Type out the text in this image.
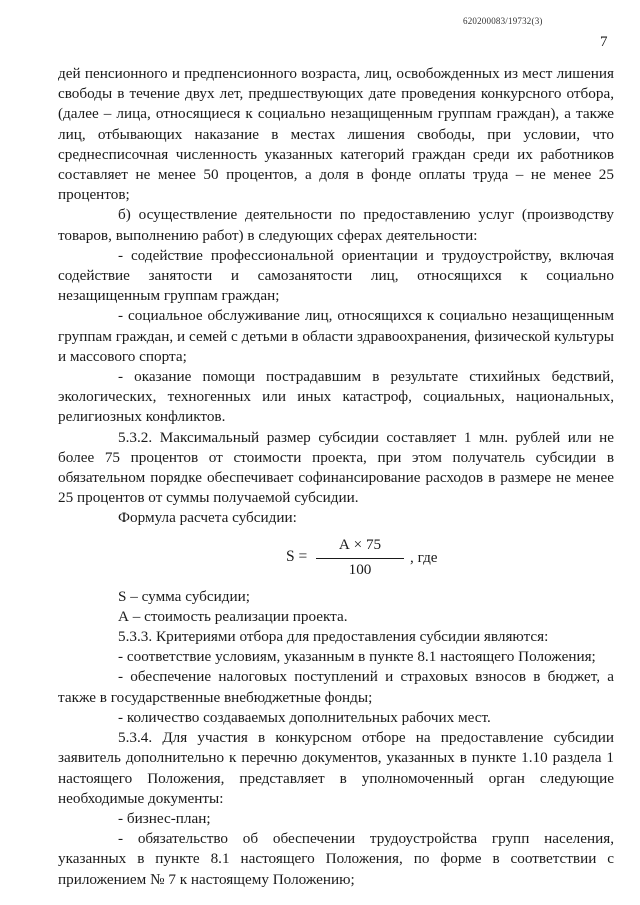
620200083/19732(3)
7

дей пенсионного и предпенсионного возраста, лиц, освобожденных из мест лишения свободы в течение двух лет, предшествующих дате проведения конкурсного отбора, (далее – лица, относящиеся к социально незащищенным группам граждан), а также лиц, отбывающих наказание в местах лишения свободы, при условии, что среднесписочная численность указанных категорий граждан среди их работников составляет не менее 50 процентов, а доля в фонде оплаты труда – не менее 25 процентов;

б) осуществление деятельности по предоставлению услуг (производству товаров, выполнению работ) в следующих сферах деятельности:

- содействие профессиональной ориентации и трудоустройству, включая содействие занятости и самозанятости лиц, относящихся к социально незащищенным группам граждан;

- социальное обслуживание лиц, относящихся к социально незащищенным группам граждан, и семей с детьми в области здравоохранения, физической культуры и массового спорта;

- оказание помощи пострадавшим в результате стихийных бедствий, экологических, техногенных или иных катастроф, социальных, национальных, религиозных конфликтов.

5.3.2. Максимальный размер субсидии составляет 1 млн. рублей или не более 75 процентов от стоимости проекта, при этом получатель субсидии в обязательном порядке обеспечивает софинансирование расходов в размере не менее 25 процентов от суммы получаемой субсидии.

Формула расчета субсидии:

S =
А × 75
100
, где

S – сумма субсидии;

А – стоимость реализации проекта.

5.3.3. Критериями отбора для предоставления субсидии являются:

- соответствие условиям, указанным в пункте 8.1 настоящего Положения;

- обеспечение налоговых поступлений и страховых взносов в бюджет, а также в государственные внебюджетные фонды;

- количество создаваемых дополнительных рабочих мест.

5.3.4. Для участия в конкурсном отборе на предоставление субсидии заявитель дополнительно к перечню документов, указанных в пункте 1.10 раздела 1 настоящего Положения, представляет в уполномоченный орган следующие необходимые документы:

- бизнес-план;

- обязательство об обеспечении трудоустройства групп населения, указанных в пункте 8.1 настоящего Положения, по форме в соответствии с приложением № 7 к настоящему Положению;
